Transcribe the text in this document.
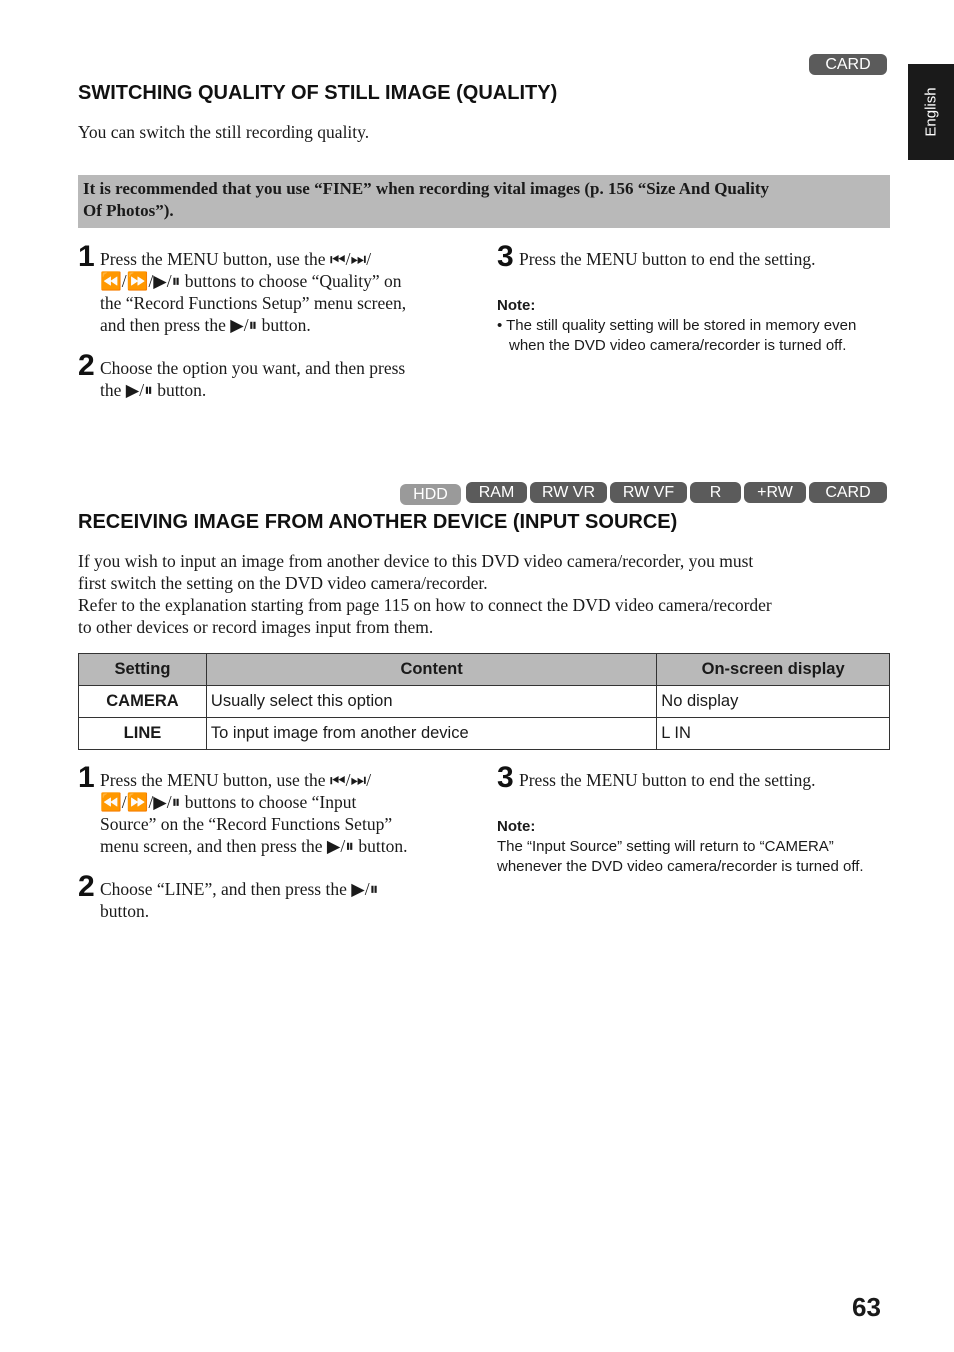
English
CARD
SWITCHING QUALITY OF STILL IMAGE (QUALITY)
You can switch the still recording quality.
It is recommended that you use “FINE” when recording vital images (p. 156 “Size And Quality
Of Photos”).
1 Press the MENU button, use the ⏮/⏭/
⏪/⏩/▶/⏸ buttons to choose “Quality” on
the “Record Functions Setup” menu screen,
and then press the ▶/⏸ button.
2 Choose the option you want, and then press
the ▶/⏸ button.
3 Press the MENU button to end the setting.
Note:
• The still quality setting will be stored in memory even
when the DVD video camera/recorder is turned off.
HDD	RAM	RW VR	RW VF	R	+RW	CARD
RECEIVING IMAGE FROM ANOTHER DEVICE (INPUT SOURCE)
If you wish to input an image from another device to this DVD video camera/recorder, you must
first switch the setting on the DVD video camera/recorder.
Refer to the explanation starting from page 115 on how to connect the DVD video camera/recorder
to other devices or record images input from them.
Setting	Content	On-screen display
CAMERA	Usually select this option	No display
LINE	To input image from another device	L IN
1 Press the MENU button, use the ⏮/⏭/
⏪/⏩/▶/⏸ buttons to choose “Input
Source” on the “Record Functions Setup”
menu screen, and then press the ▶/⏸ button.
2 Choose “LINE”, and then press the ▶/⏸
button.
3 Press the MENU button to end the setting.
Note:
The “Input Source” setting will return to “CAMERA”
whenever the DVD video camera/recorder is turned off.
63
